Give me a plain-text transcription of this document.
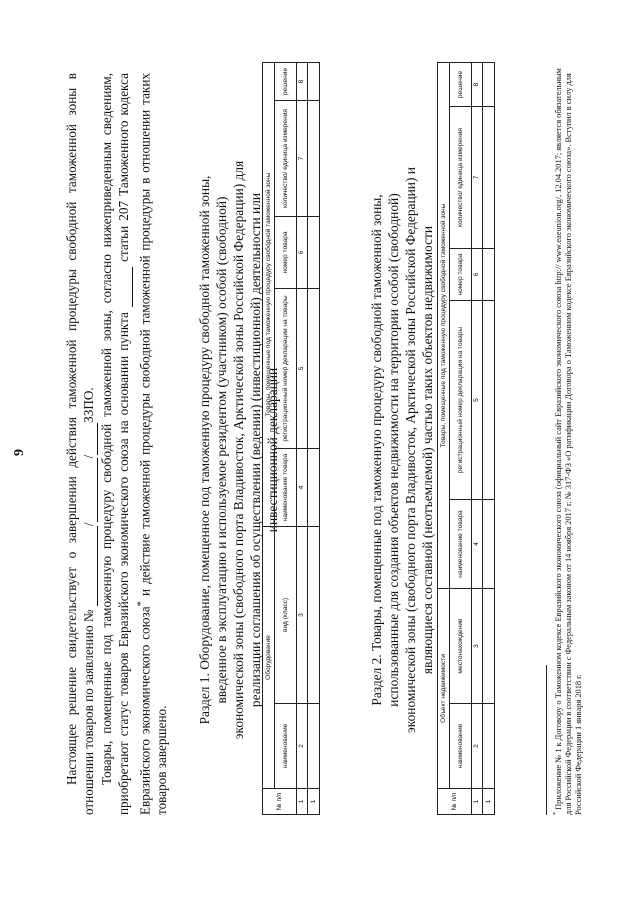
9	Настоящее решение свидетельствует о завершении действия таможенной процедуры свободной таможенной зоны в отношении товаров по заявлению №  / / ЗЗПО. Товары, помещенные под таможенную процедуру свободной таможенной зоны, согласно нижеприведенным сведениям, приобретают статус товаров Евразийского экономического союза на основании пункта   статьи 207 Таможенного кодекса Евразийского экономического союза* и действие таможенной процедуры свободной таможенной процедуры в отношении таких товаров завершено.

Раздел 1. Оборудование, помещенное под таможенную процедуру свободной таможенной зоны, введенное в эксплуатацию и используемое резидентом (участником) особой (свободной) экономической зоны (свободного порта Владивосток, Арктической зоны Российской Федерации) для реализации соглашения об осуществлении (ведении) (инвестиционной) деятельности или инвестиционной декларации
№ п/п	Оборудование		Товары, помещенные под таможенную процедуру свободной таможенной зоны				
	наименование	вид (класс)	наименование товара	регистрационный номер декларации на товары	номер товара	количество/ единица измерения	решение
1	2	3	4	5	6	7	8
1							
Раздел 2. Товары, помещенные под таможенную процедуру свободной таможенной зоны, использованные для создания объектов недвижимости на территории особой (свободной) экономической зоны (свободного порта Владивосток, Арктической зоны Российской Федерации) и являющиеся составной (неотъемлемой) частью таких объектов недвижимости
№ п/п	Объект недвижимости		Товары, помещенные под таможенную процедуру свободной таможенной зоны				
	наименование	местонахождение	наименование товара	регистрационный номер декларации на товары	номер товара	количество/ единица измерения	решение
1	2	3	4	5	6	7	8
1							
* Приложение № 1 к Договору о Таможенном кодексе Евразийского экономического союза (официальный сайт Евразийского экономического союза http:// www.eaeunion.org/, 12.04.2017; является обязательным для Российской Федерации в соответствии с Федеральным законом от 14 ноября 2017 г. № 317-ФЗ «О ратификации Договора о Таможенном кодексе Евразийского экономического союза». Вступил в силу для Российской Федерации 1 января 2018 г.
